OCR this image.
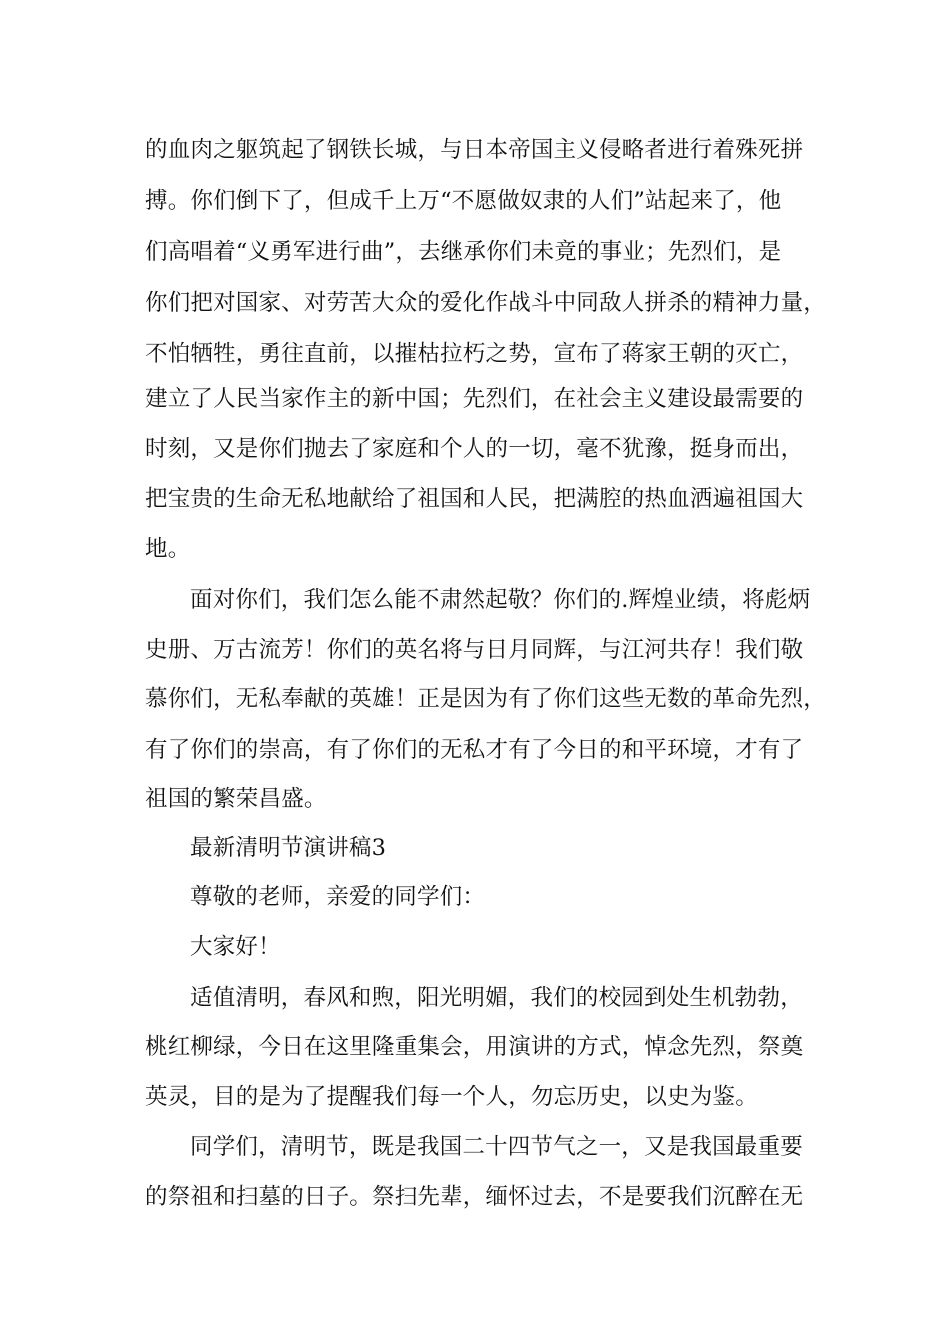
的血肉之躯筑起了钢铁长城，与日本帝国主义侵略者进行着殊死拼
搏。你们倒下了，但成千上万“不愿做奴隶的人们”站起来了，他
们高唱着“义勇军进行曲”，去继承你们未竟的事业；先烈们，是
你们把对国家、对劳苦大众的爱化作战斗中同敌人拼杀的精神力量，
不怕牺牲，勇往直前，以摧枯拉朽之势，宣布了蒋家王朝的灭亡，
建立了人民当家作主的新中国；先烈们，在社会主义建设最需要的
时刻，又是你们抛去了家庭和个人的一切，毫不犹豫，挺身而出，
把宝贵的生命无私地献给了祖国和人民，把满腔的热血洒遍祖国大
地。
面对你们，我们怎么能不肃然起敬？你们的.辉煌业绩，将彪炳
史册、万古流芳！你们的英名将与日月同辉，与江河共存！我们敬
慕你们，无私奉献的英雄！正是因为有了你们这些无数的革命先烈，
有了你们的崇高，有了你们的无私才有了今日的和平环境，才有了
祖国的繁荣昌盛。
最新清明节演讲稿3
尊敬的老师，亲爱的同学们：
大家好！
适值清明，春风和煦，阳光明媚，我们的校园到处生机勃勃，
桃红柳绿，今日在这里隆重集会，用演讲的方式，悼念先烈，祭奠
英灵，目的是为了提醒我们每一个人，勿忘历史，以史为鉴。
同学们，清明节，既是我国二十四节气之一，又是我国最重要
的祭祖和扫墓的日子。祭扫先辈，缅怀过去，不是要我们沉醉在无
